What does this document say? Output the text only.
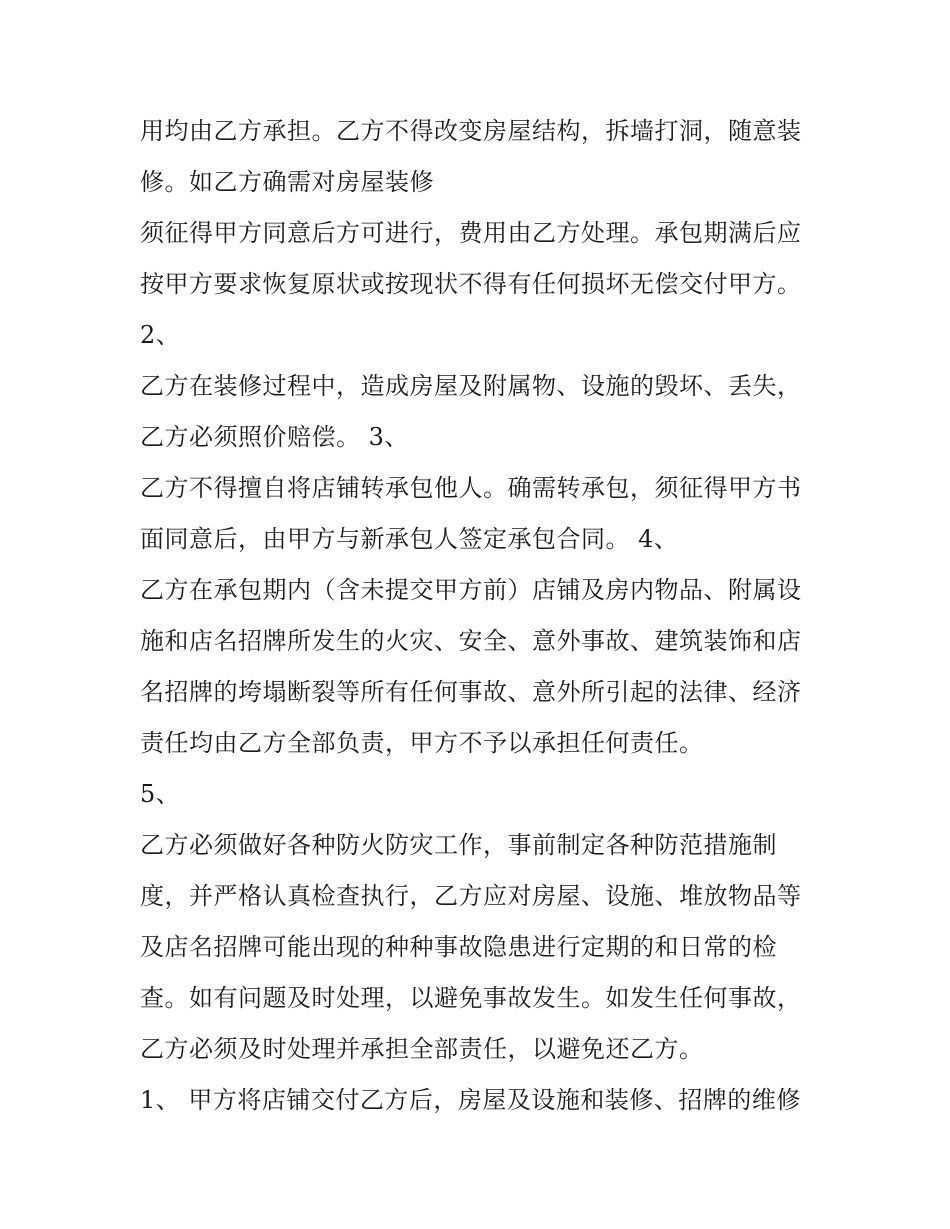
用均由乙方承担。乙方不得改变房屋结构，拆墙打洞，随意装
修。如乙方确需对房屋装修
须征得甲方同意后方可进行，费用由乙方处理。承包期满后应
按甲方要求恢复原状或按现状不得有任何损坏无偿交付甲方。
2、
乙方在装修过程中，造成房屋及附属物、设施的毁坏、丢失，
乙方必须照价赔偿。 3、
乙方不得擅自将店铺转承包他人。确需转承包，须征得甲方书
面同意后，由甲方与新承包人签定承包合同。 4、
乙方在承包期内（含未提交甲方前）店铺及房内物品、附属设
施和店名招牌所发生的火灾、安全、意外事故、建筑装饰和店
名招牌的垮塌断裂等所有任何事故、意外所引起的法律、经济
责任均由乙方全部负责，甲方不予以承担任何责任。
5、
乙方必须做好各种防火防灾工作，事前制定各种防范措施制
度，并严格认真检查执行，乙方应对房屋、设施、堆放物品等
及店名招牌可能出现的种种事故隐患进行定期的和日常的检
查。如有问题及时处理，以避免事故发生。如发生任何事故，
乙方必须及时处理并承担全部责任，以避免还乙方。
1、 甲方将店铺交付乙方后，房屋及设施和装修、招牌的维修
